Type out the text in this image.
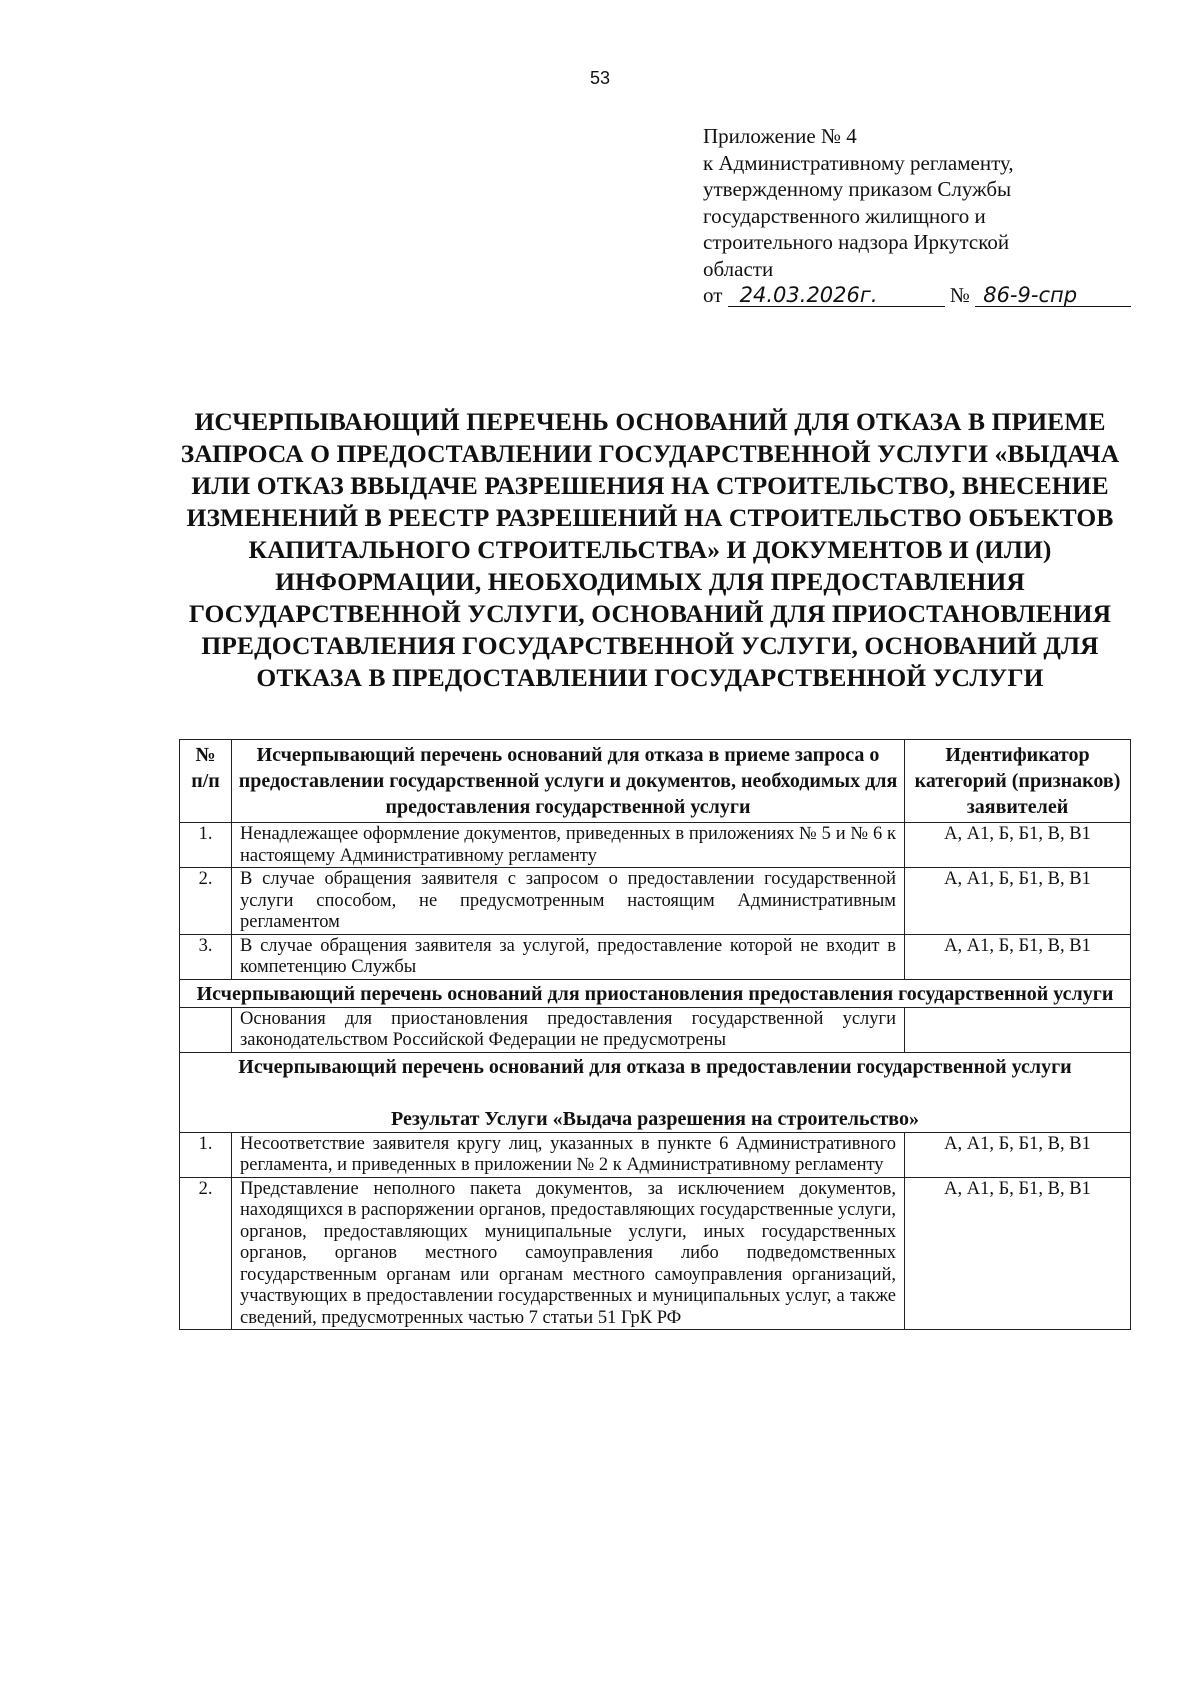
53
Приложение № 4
к Административному регламенту,
утвержденному приказом Службы
государственного жилищного и
строительного надзора Иркутской
области
от 24.03.2026г.	№ 86-9-спр
ИСЧЕРПЫВАЮЩИЙ ПЕРЕЧЕНЬ ОСНОВАНИЙ ДЛЯ ОТКАЗА В ПРИЕМЕ ЗАПРОСА О ПРЕДОСТАВЛЕНИИ ГОСУДАРСТВЕННОЙ УСЛУГИ «ВЫДАЧА ИЛИ ОТКАЗ ВВЫДАЧЕ РАЗРЕШЕНИЯ НА СТРОИТЕЛЬСТВО, ВНЕСЕНИЕ ИЗМЕНЕНИЙ В РЕЕСТР РАЗРЕШЕНИЙ НА СТРОИТЕЛЬСТВО ОБЪЕКТОВ КАПИТАЛЬНОГО СТРОИТЕЛЬСТВА» И ДОКУМЕНТОВ И (ИЛИ) ИНФОРМАЦИИ, НЕОБХОДИМЫХ ДЛЯ ПРЕДОСТАВЛЕНИЯ ГОСУДАРСТВЕННОЙ УСЛУГИ, ОСНОВАНИЙ ДЛЯ ПРИОСТАНОВЛЕНИЯ ПРЕДОСТАВЛЕНИЯ ГОСУДАРСТВЕННОЙ УСЛУГИ, ОСНОВАНИЙ ДЛЯ ОТКАЗА В ПРЕДОСТАВЛЕНИИ ГОСУДАРСТВЕННОЙ УСЛУГИ
№ п/п	Исчерпывающий перечень оснований для отказа в приеме запроса о предоставлении государственной услуги и документов, необходимых для предоставления государственной услуги	Идентификатор категорий (признаков) заявителей
1.	Ненадлежащее оформление документов, приведенных в приложениях № 5 и № 6 к настоящему Административному регламенту	А, А1, Б, Б1, В, В1
2.	В случае обращения заявителя с запросом о предоставлении государственной услуги способом, не предусмотренным настоящим Административным регламентом	А, А1, Б, Б1, В, В1
3.	В случае обращения заявителя за услугой, предоставление которой не входит в компетенцию Службы	А, А1, Б, Б1, В, В1
Исчерпывающий перечень оснований для приостановления предоставления государственной услуги		
	Основания для приостановления предоставления государственной услуги законодательством Российской Федерации не предусмотрены	

Исчерпывающий перечень оснований для отказа в предоставлении государственной услуги
Результат Услуги «Выдача разрешения на строительство»		

1.	Несоответствие заявителя кругу лиц, указанных в пункте 6 Административного регламента, и приведенных в приложении № 2 к Административному регламенту	А, А1, Б, Б1, В, В1
2.	Представление неполного пакета документов, за исключением документов, находящихся в распоряжении органов, предоставляющих государственные услуги, органов, предоставляющих муниципальные услуги, иных государственных органов, органов местного самоуправления либо подведомственных государственным органам или органам местного самоуправления организаций, участвующих в предоставлении государственных и муниципальных услуг, а также сведений, предусмотренных частью 7 статьи 51 ГрК РФ	А, А1, Б, Б1, В, В1
